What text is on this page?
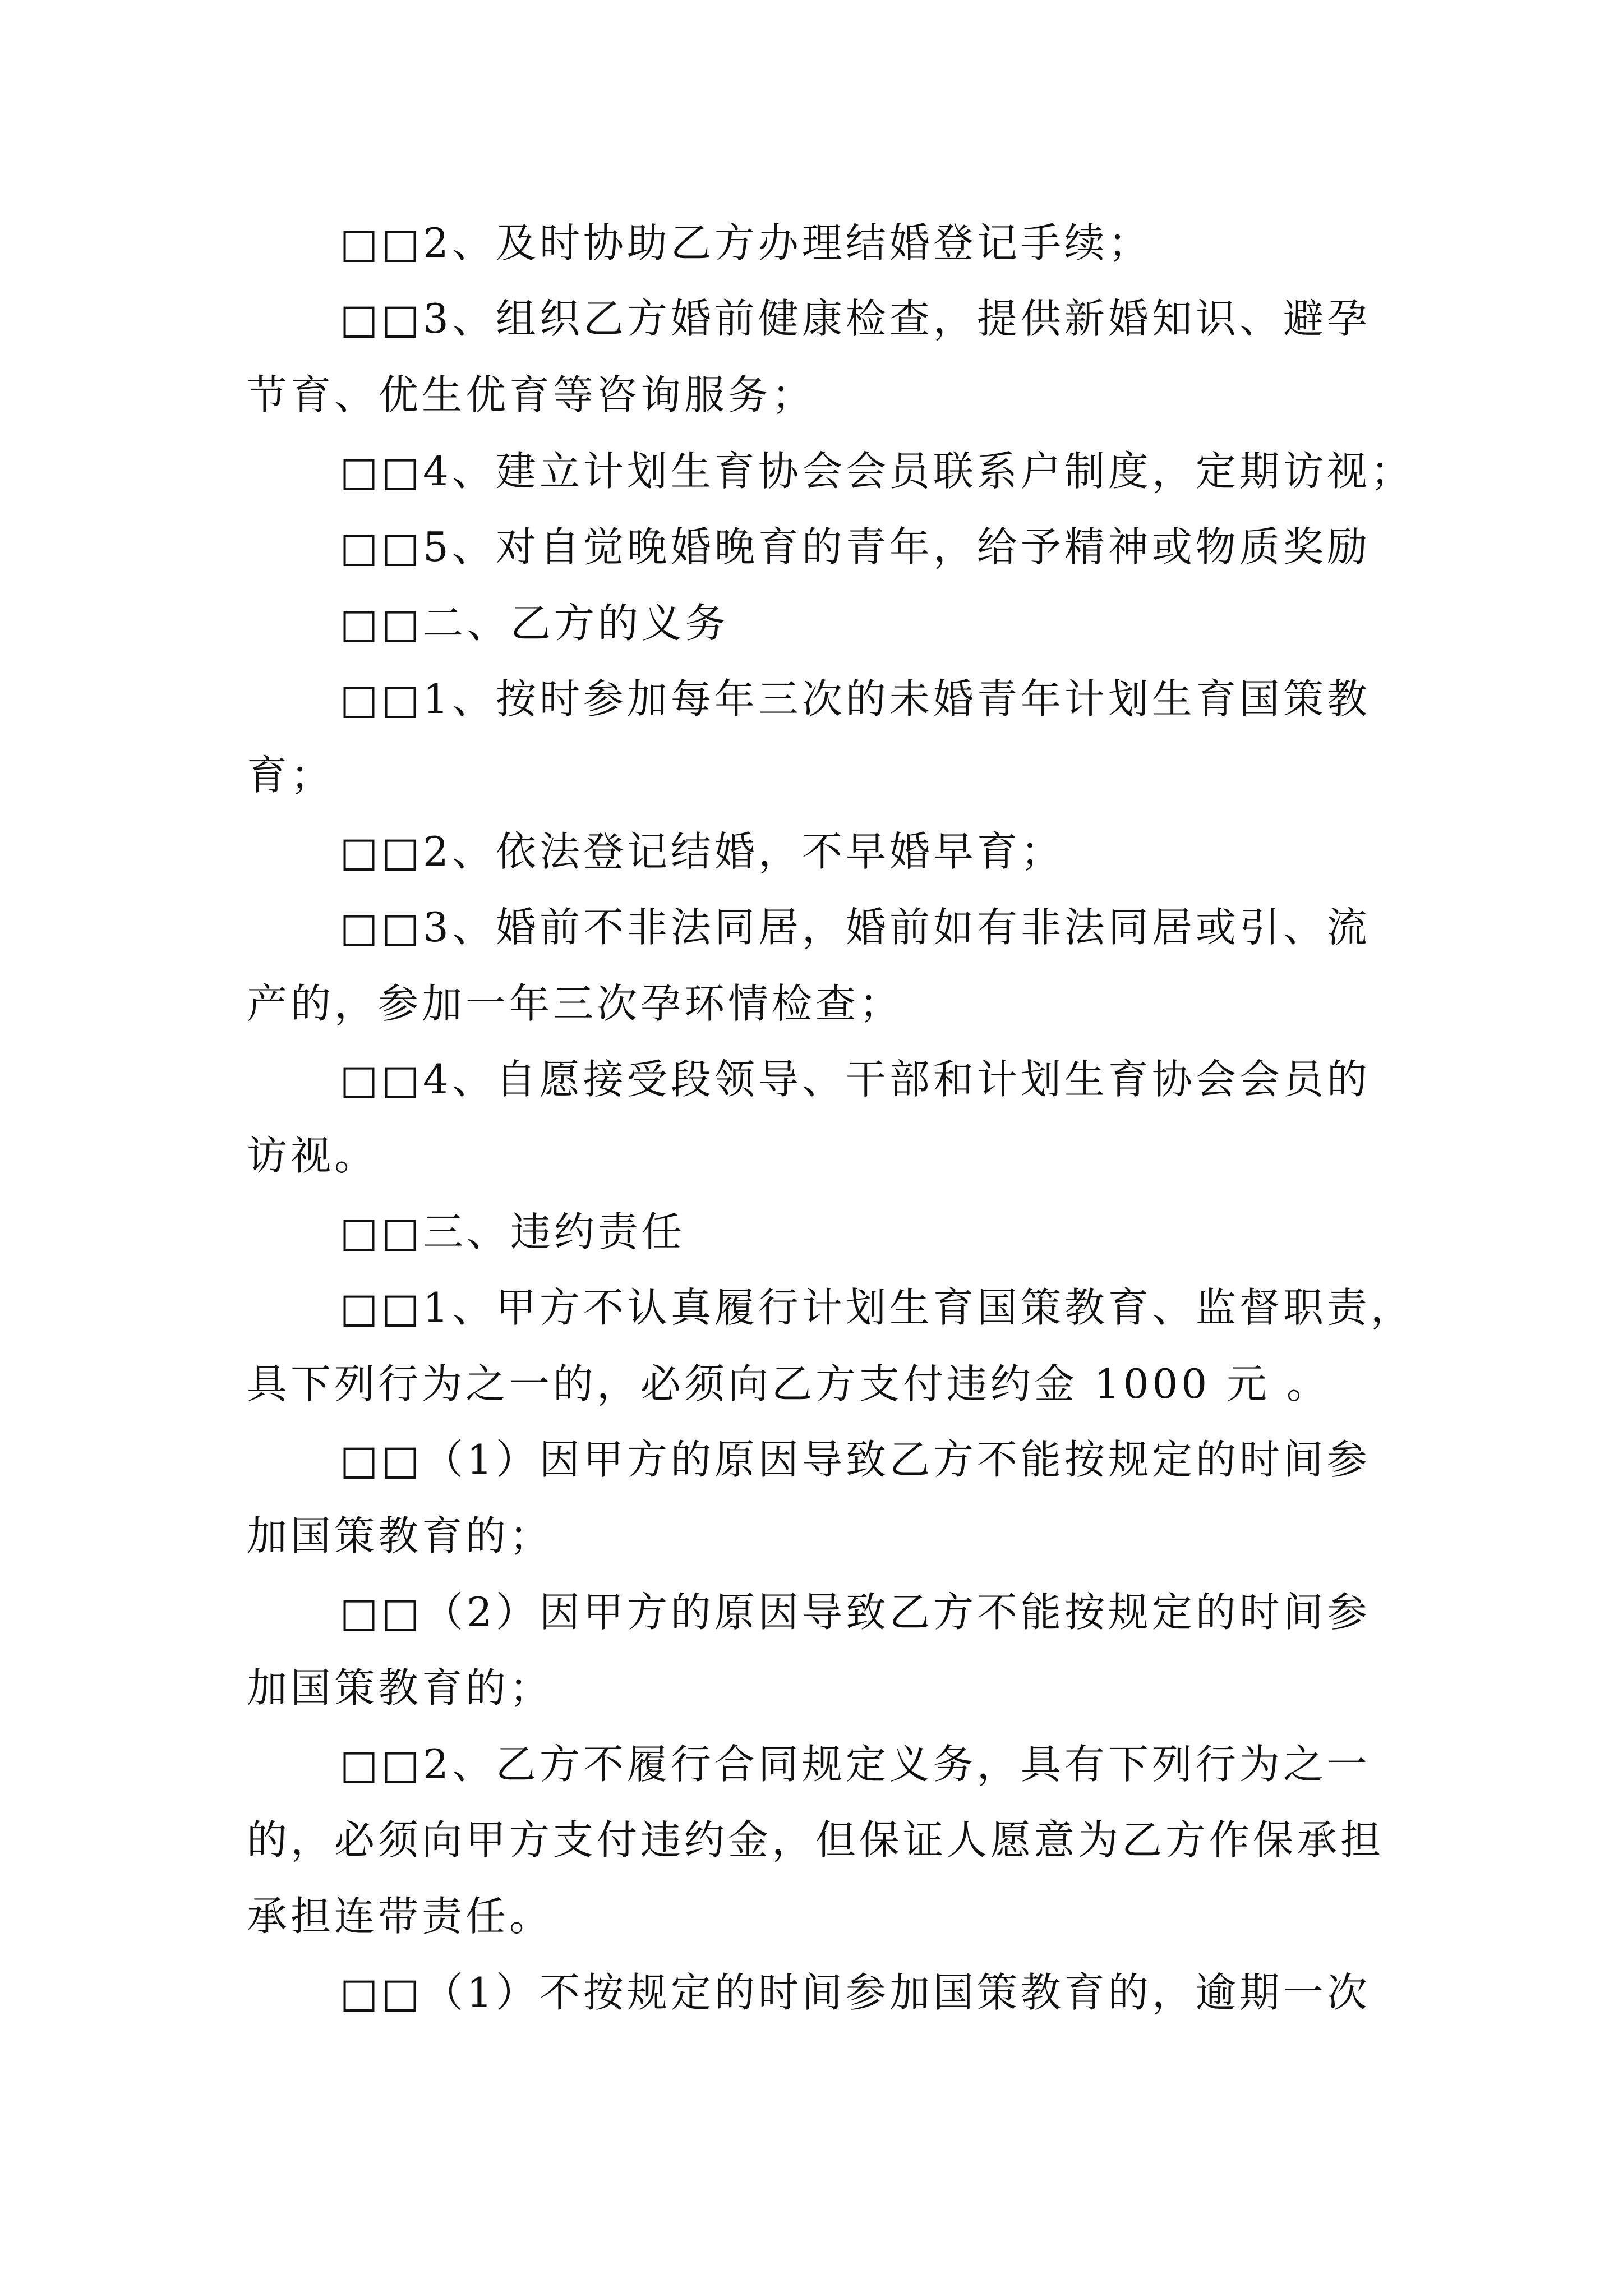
□□2、及时协助乙方办理结婚登记手续；
□□3、组织乙方婚前健康检查，提供新婚知识、避孕
节育、优生优育等咨询服务；
□□4、建立计划生育协会会员联系户制度，定期访视；
□□5、对自觉晚婚晚育的青年，给予精神或物质奖励
□□二、乙方的义务
□□1、按时参加每年三次的未婚青年计划生育国策教
育；
□□2、依法登记结婚，不早婚早育；
□□3、婚前不非法同居，婚前如有非法同居或引、流
产的，参加一年三次孕环情检查；
□□4、自愿接受段领导、干部和计划生育协会会员的
访视。
□□三、违约责任
□□1、甲方不认真履行计划生育国策教育、监督职责，
具下列行为之一的，必须向乙方支付违约金 1000 元 。
□□（1）因甲方的原因导致乙方不能按规定的时间参
加国策教育的；
□□（2）因甲方的原因导致乙方不能按规定的时间参
加国策教育的；
□□2、乙方不履行合同规定义务，具有下列行为之一
的，必须向甲方支付违约金，但保证人愿意为乙方作保承担
承担连带责任。
□□（1）不按规定的时间参加国策教育的，逾期一次
